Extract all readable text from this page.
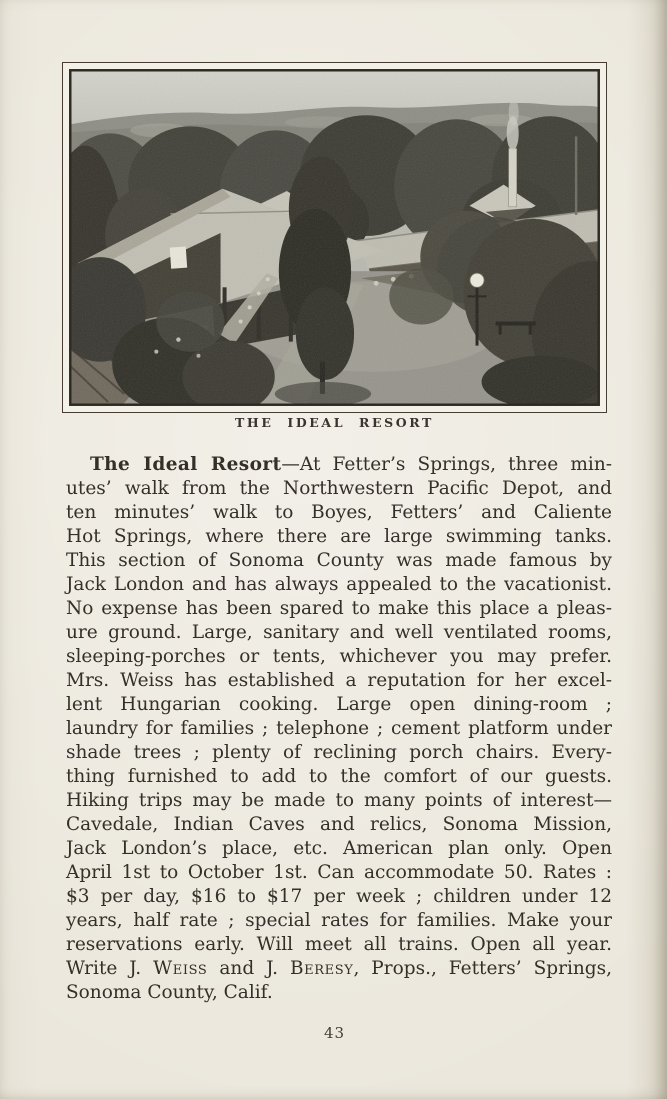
THE IDEAL RESORT
The Ideal Resort—At Fetter’s Springs, three min-
utes’ walk from the Northwestern Pacific Depot, and
ten minutes’ walk to Boyes, Fetters’ and Caliente
Hot Springs, where there are large swimming tanks.
This section of Sonoma County was made famous by
Jack London and has always appealed to the vacationist.
No expense has been spared to make this place a pleas-
ure ground. Large, sanitary and well ventilated rooms,
sleeping-porches or tents, whichever you may prefer.
Mrs. Weiss has established a reputation for her excel-
lent Hungarian cooking. Large open dining-room ;
laundry for families ; telephone ; cement platform under
shade trees ; plenty of reclining porch chairs. Every-
thing furnished to add to the comfort of our guests.
Hiking trips may be made to many points of interest—
Cavedale, Indian Caves and relics, Sonoma Mission,
Jack London’s place, etc. American plan only. Open
April 1st to October 1st. Can accommodate 50. Rates :
$3 per day, $16 to $17 per week ; children under 12
years, half rate ; special rates for families. Make your
reservations early. Will meet all trains. Open all year.
Write J. Weiss and J. Beresy, Props., Fetters’ Springs,
Sonoma County, Calif.
43
